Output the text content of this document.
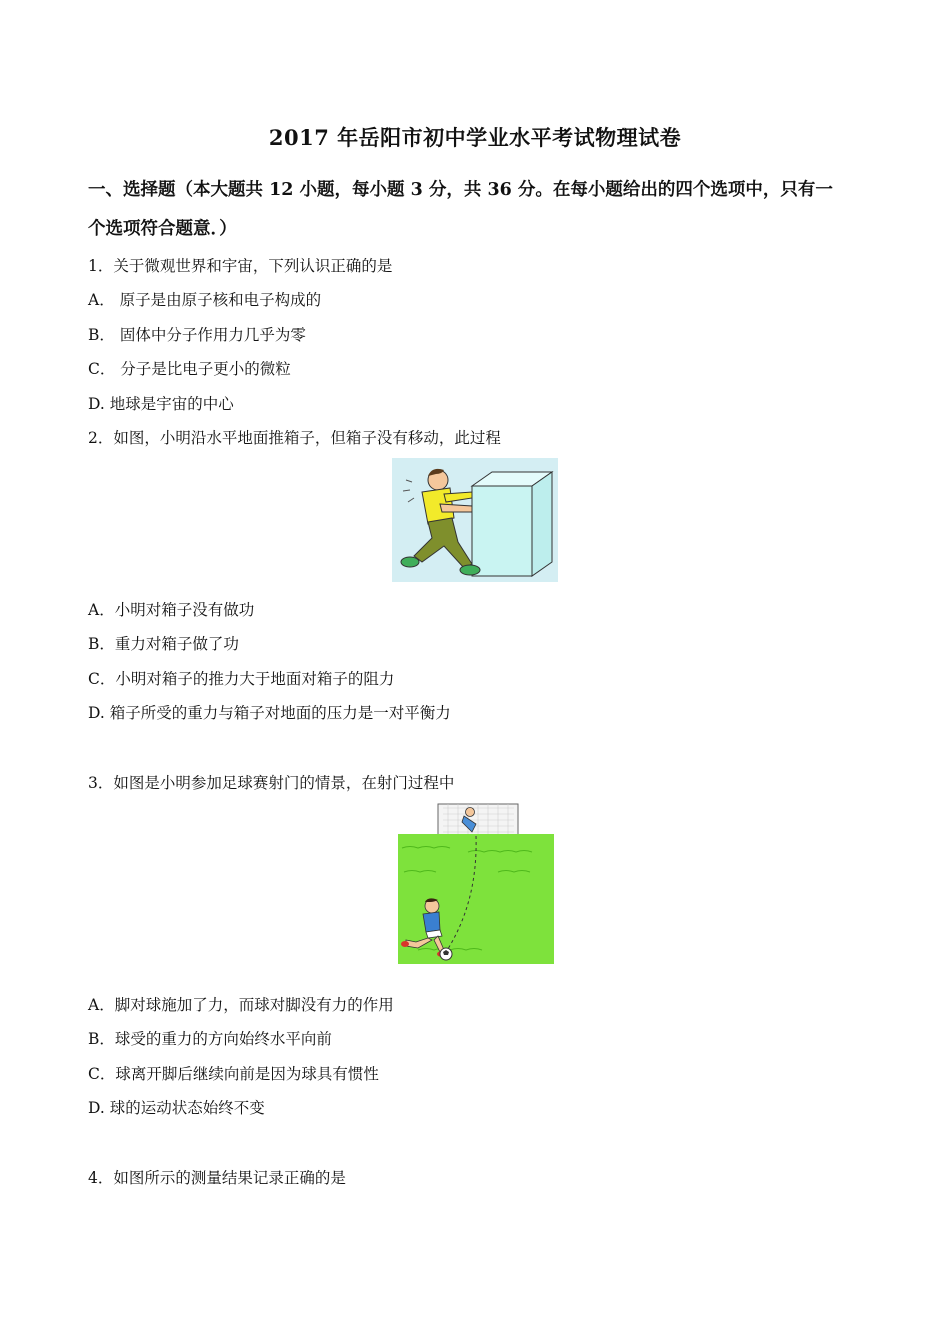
2017 年岳阳市初中学业水平考试物理试卷
一、选择题（本大题共 12 小题，每小题 3 分，共 36 分。在每小题给出的四个选项中，只有一
个选项符合题意．）
1．关于微观世界和宇宙，下列认识正确的是
A． 原子是由原子核和电子构成的
B． 固体中分子作用力几乎为零
C． 分子是比电子更小的微粒
D. 地球是宇宙的中心
2．如图，小明沿水平地面推箱子，但箱子没有移动，此过程
A．小明对箱子没有做功
B．重力对箱子做了功
C．小明对箱子的推力大于地面对箱子的阻力
D. 箱子所受的重力与箱子对地面的压力是一对平衡力
3．如图是小明参加足球赛射门的情景，在射门过程中
A．脚对球施加了力，而球对脚没有力的作用
B．球受的重力的方向始终水平向前
C．球离开脚后继续向前是因为球具有惯性
D. 球的运动状态始终不变
4．如图所示的测量结果记录正确的是
